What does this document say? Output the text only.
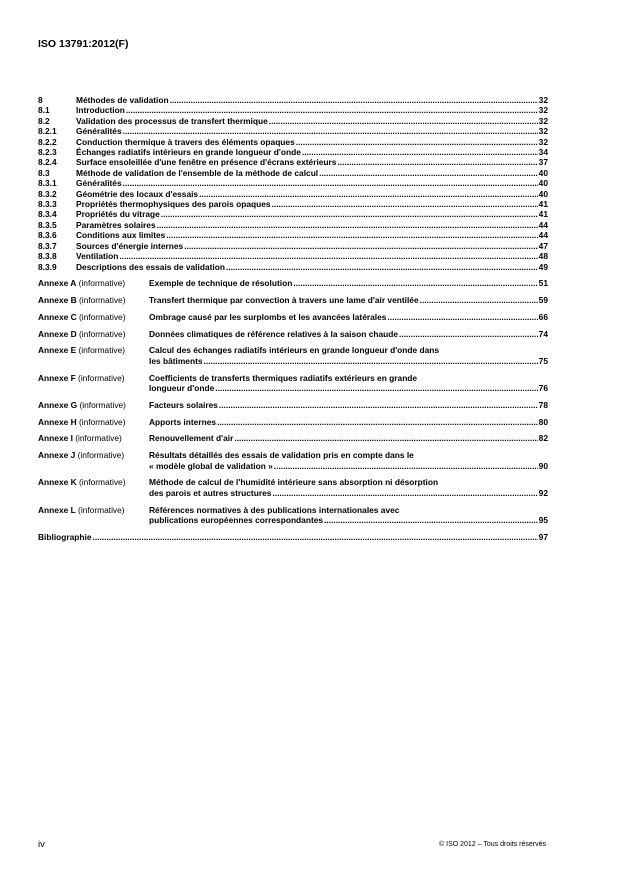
ISO 13791:2012(F)
8	Méthodes de validation .....	32
8.1	Introduction .....	32
8.2	Validation des processus de transfert thermique .....	32
8.2.1	Généralités .....	32
8.2.2	Conduction thermique à travers des éléments opaques .....	32
8.2.3	Échanges radiatifs intérieurs en grande longueur d'onde .....	34
8.2.4	Surface ensoleillée d'une fenêtre en présence d'écrans extérieurs .....	37
8.3	Méthode de validation de l'ensemble de la méthode de calcul .....	40
8.3.1	Généralités .....	40
8.3.2	Géométrie des locaux d'essais .....	40
8.3.3	Propriétés thermophysiques des parois opaques .....	41
8.3.4	Propriétés du vitrage .....	41
8.3.5	Paramètres solaires .....	44
8.3.6	Conditions aux limites .....	44
8.3.7	Sources d'énergie internes .....	47
8.3.8	Ventilation .....	48
8.3.9	Descriptions des essais de validation .....	49
Annexe A (informative)	Exemple de technique de résolution .....	51
Annexe B (informative)	Transfert thermique par convection à travers une lame d'air ventilée .....	59
Annexe C (informative)	Ombrage causé par les surplombs et les avancées latérales .....	66
Annexe D (informative)	Données climatiques de référence relatives à la saison chaude .....	74
Annexe E (informative)	Calcul des échanges radiatifs intérieurs en grande longueur d'onde dans
les bâtiments .....	75
Annexe F (informative)	Coefficients de transferts thermiques radiatifs extérieurs en grande
longueur d'onde .....	76
Annexe G (informative)	Facteurs solaires .....	78
Annexe H (informative)	Apports internes .....	80
Annexe I (informative)	Renouvellement d'air .....	82
Annexe J (informative)	Résultats détaillés des essais de validation pris en compte dans le
« modèle global de validation » .....	90
Annexe K (informative)	Méthode de calcul de l'humidité intérieure sans absorption ni désorption
des parois et autres structures .....	92
Annexe L (informative)	Références normatives à des publications internationales avec
publications européennes correspondantes .....	95
Bibliographie .....	97
iv	© ISO 2012 – Tous droits réservés
